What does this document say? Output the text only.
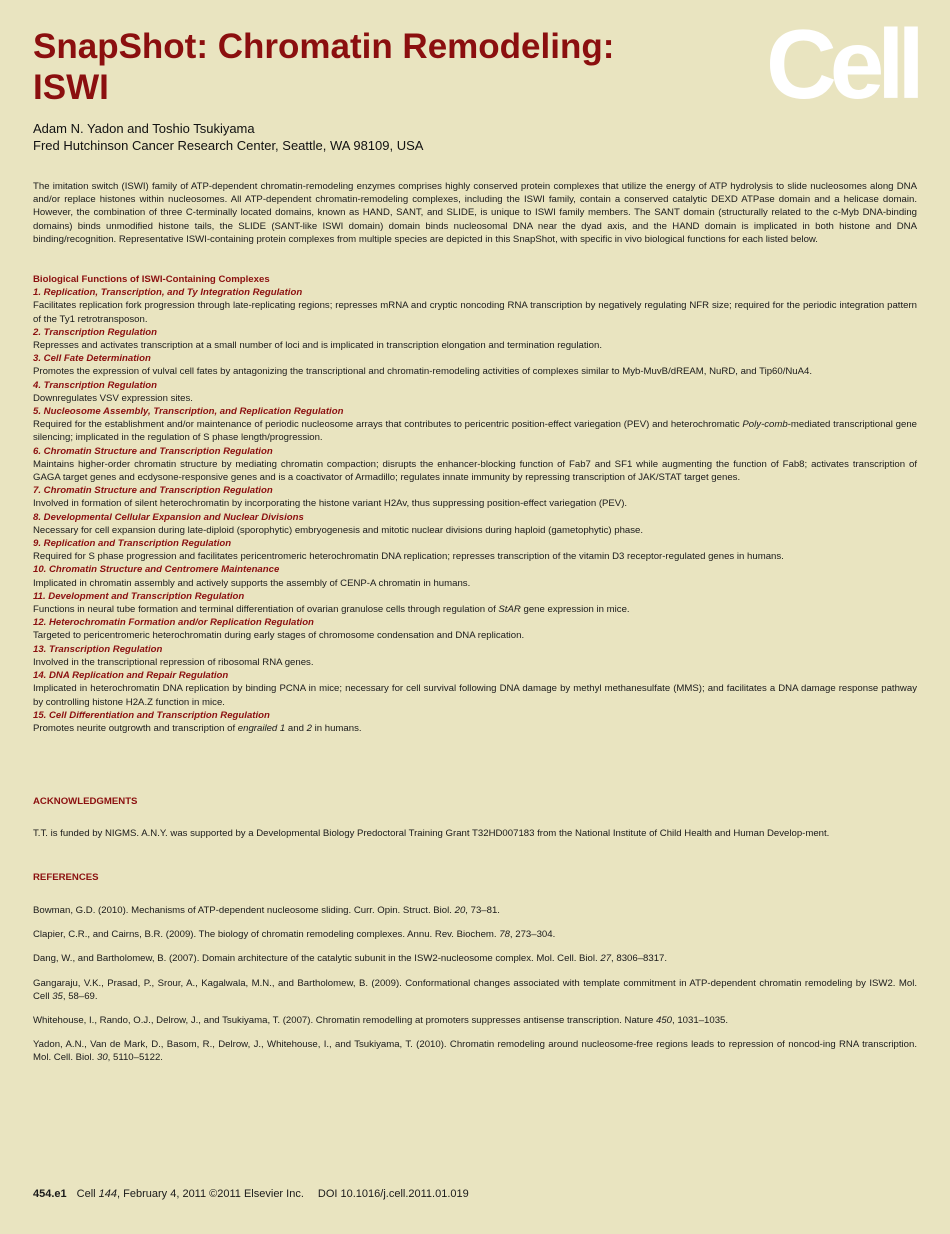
SnapShot: Chromatin Remodeling:
ISWI	Cell
Adam N. Yadon and Toshio Tsukiyama
Fred Hutchinson Cancer Research Center, Seattle, WA 98109, USA

The imitation switch (ISWI) family of ATP-dependent chromatin-remodeling enzymes comprises highly conserved protein complexes that utilize the energy of ATP hydrolysis to slide nucleosomes along DNA and/or replace histones within nucleosomes. All ATP-dependent chromatin-remodeling complexes, including the ISWI family, contain a conserved catalytic DEXD ATPase domain and a helicase domain. However, the combination of three C-terminally located domains, known as HAND, SANT, and SLIDE, is unique to ISWI family members. The SANT domain (structurally related to the c-Myb DNA-binding domains) binds unmodified histone tails, the SLIDE (SANT-like ISWI domain) domain binds nucleosomal DNA near the dyad axis, and the HAND domain is implicated in both histone and DNA binding/recognition. Representative ISWI-containing protein complexes from multiple species are depicted in this SnapShot, with specific in vivo biological functions for each listed below.

Biological Functions of ISWI-Containing Complexes
1. Replication, Transcription, and Ty Integration Regulation
Facilitates replication fork progression through late-replicating regions; represses mRNA and cryptic noncoding RNA transcription by negatively regulating NFR size; required for the periodic integration pattern of the Ty1 retrotransposon.
2. Transcription Regulation
Represses and activates transcription at a small number of loci and is implicated in transcription elongation and termination regulation.
3. Cell Fate Determination
Promotes the expression of vulval cell fates by antagonizing the transcriptional and chromatin-remodeling activities of complexes similar to Myb-MuvB/dREAM, NuRD, and Tip60/NuA4.
4. Transcription Regulation
Downregulates VSV expression sites.
5. Nucleosome Assembly, Transcription, and Replication Regulation
Required for the establishment and/or maintenance of periodic nucleosome arrays that contributes to pericentric position-effect variegation (PEV) and heterochromatic Poly-comb-mediated transcriptional gene silencing; implicated in the regulation of S phase length/progression.
6. Chromatin Structure and Transcription Regulation
Maintains higher-order chromatin structure by mediating chromatin compaction; disrupts the enhancer-blocking function of Fab7 and SF1 while augmenting the function of Fab8; activates transcription of GAGA target genes and ecdysone-responsive genes and is a coactivator of Armadillo; regulates innate immunity by repressing transcription of JAK/STAT target genes.
7. Chromatin Structure and Transcription Regulation
Involved in formation of silent heterochromatin by incorporating the histone variant H2Av, thus suppressing position-effect variegation (PEV).
8. Developmental Cellular Expansion and Nuclear Divisions
Necessary for cell expansion during late-diploid (sporophytic) embryogenesis and mitotic nuclear divisions during haploid (gametophytic) phase.
9. Replication and Transcription Regulation
Required for S phase progression and facilitates pericentromeric heterochromatin DNA replication; represses transcription of the vitamin D3 receptor-regulated genes in humans.
10. Chromatin Structure and Centromere Maintenance
Implicated in chromatin assembly and actively supports the assembly of CENP-A chromatin in humans.
11. Development and Transcription Regulation
Functions in neural tube formation and terminal differentiation of ovarian granulose cells through regulation of StAR gene expression in mice.
12. Heterochromatin Formation and/or Replication Regulation
Targeted to pericentromeric heterochromatin during early stages of chromosome condensation and DNA replication.
13. Transcription Regulation
Involved in the transcriptional repression of ribosomal RNA genes.
14. DNA Replication and Repair Regulation
Implicated in heterochromatin DNA replication by binding PCNA in mice; necessary for cell survival following DNA damage by methyl methanesulfate (MMS); and facilitates a DNA damage response pathway by controlling histone H2A.Z function in mice.
15. Cell Differentiation and Transcription Regulation
Promotes neurite outgrowth and transcription of engrailed 1 and 2 in humans.
ACKNOWLEDGMENTS

T.T. is funded by NIGMS. A.N.Y. was supported by a Developmental Biology Predoctoral Training Grant T32HD007183 from the National Institute of Child Health and Human Develop-ment.

REFERENCES

Bowman, G.D. (2010). Mechanisms of ATP-dependent nucleosome sliding. Curr. Opin. Struct. Biol. 20, 73–81.

Clapier, C.R., and Cairns, B.R. (2009). The biology of chromatin remodeling complexes. Annu. Rev. Biochem. 78, 273–304.

Dang, W., and Bartholomew, B. (2007). Domain architecture of the catalytic subunit in the ISW2-nucleosome complex. Mol. Cell. Biol. 27, 8306–8317.

Gangaraju, V.K., Prasad, P., Srour, A., Kagalwala, M.N., and Bartholomew, B. (2009). Conformational changes associated with template commitment in ATP-dependent chromatin remodeling by ISW2. Mol. Cell 35, 58–69.

Whitehouse, I., Rando, O.J., Delrow, J., and Tsukiyama, T. (2007). Chromatin remodelling at promoters suppresses antisense transcription. Nature 450, 1031–1035.

Yadon, A.N., Van de Mark, D., Basom, R., Delrow, J., Whitehouse, I., and Tsukiyama, T. (2010). Chromatin remodeling around nucleosome-free regions leads to repression of noncod-ing RNA transcription. Mol. Cell. Biol. 30, 5110–5122.

454.e1 Cell 144, February 4, 2011 ©2011 Elsevier Inc. DOI 10.1016/j.cell.2011.01.019
